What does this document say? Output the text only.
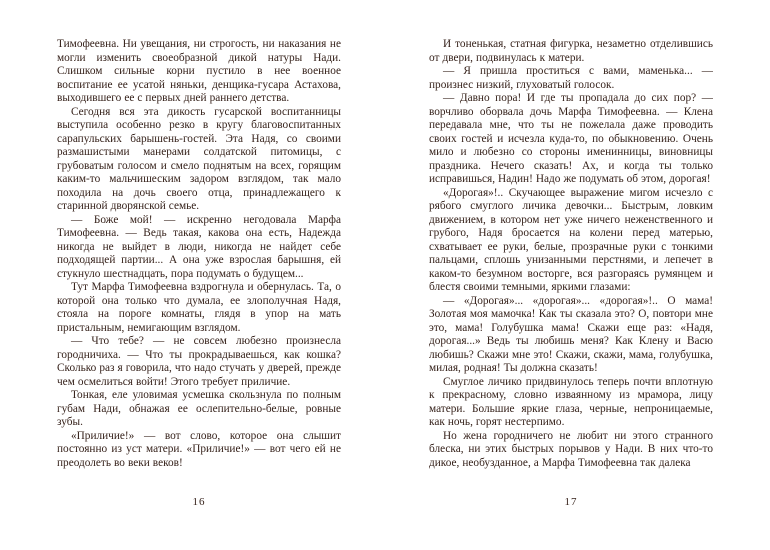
Тимофеевна. Ни увещания, ни строгость, ни наказания не могли изменить своеобразной дикой натуры Нади. Слишком сильные корни пустило в нее военное воспитание ее усатой няньки, денщика-гусара Астахова, выходившего ее с первых дней раннего детства.

Сегодня вся эта дикость гусарской воспитанницы выступила особенно резко в кругу благовоспитанных сарапульских барышень-гостей. Эта Надя, со своими размашистыми манерами солдатской питомицы, с грубоватым голосом и смело поднятым на всех, горящим каким-то мальчишеским задором взглядом, так мало походила на дочь своего отца, принадлежащего к старинной дворянской семье.

— Боже мой! — искренно негодовала Марфа Тимофеевна. — Ведь такая, какова она есть, Надежда никогда не выйдет в люди, никогда не найдет себе подходящей партии... А она уже взрослая барышня, ей стукнуло шестнадцать, пора подумать о будущем...

Тут Марфа Тимофеевна вздрогнула и обернулась. Та, о которой она только что думала, ее злополучная Надя, стояла на пороге комнаты, глядя в упор на мать пристальным, немигающим взглядом.

— Что тебе? — не совсем любезно произнесла городничиха. — Что ты прокрадываешься, как кошка? Сколько раз я говорила, что надо стучать у дверей, прежде чем осмелиться войти! Этого требует приличие.

Тонкая, еле уловимая усмешка скользнула по полным губам Нади, обнажая ее ослепительно-белые, ровные зубы.

«Приличие!» — вот слово, которое она слышит постоянно из уст матери. «Приличие!» — вот чего ей не преодолеть во веки веков!

16

И тоненькая, статная фигурка, незаметно отделившись от двери, подвинулась к матери.

— Я пришла проститься с вами, маменька... — произнес низкий, глуховатый голосок.

— Давно пора! И где ты пропадала до сих пор? — ворчливо оборвала дочь Марфа Тимофеевна. — Клена передавала мне, что ты не пожелала даже проводить своих гостей и исчезла куда-то, по обыкновению. Очень мило и любезно со стороны именинницы, виновницы праздника. Нечего сказать! Ах, и когда ты только исправишься, Надин! Надо же подумать об этом, дорогая!

«Дорогая»!.. Скучающее выражение мигом исчезло с рябого смуглого личика девочки... Быстрым, ловким движением, в котором нет уже ничего неженственного и грубого, Надя бросается на колени перед матерью, схватывает ее руки, белые, прозрачные руки с тонкими пальцами, сплошь унизанными перстнями, и лепечет в каком-то безумном восторге, вся разгораясь румянцем и блестя своими темными, яркими глазами:

— «Дорогая»... «дорогая»... «дорогая»!.. О мама! Золотая моя мамочка! Как ты сказала это? О, повтори мне это, мама! Голубушка мама! Скажи еще раз: «Надя, дорогая...» Ведь ты любишь меня? Как Клену и Васю любишь? Скажи мне это! Скажи, скажи, мама, голубушка, милая, родная! Ты должна сказать!

Смуглое личико придвинулось теперь почти вплотную к прекрасному, словно изваянному из мрамора, лицу матери. Большие яркие глаза, черные, непроницаемые, как ночь, горят нестерпимо.

Но жена городничего не любит ни этого странного блеска, ни этих быстрых порывов у Нади. В них что-то дикое, необузданное, а Марфа Тимофеевна так далека

17
